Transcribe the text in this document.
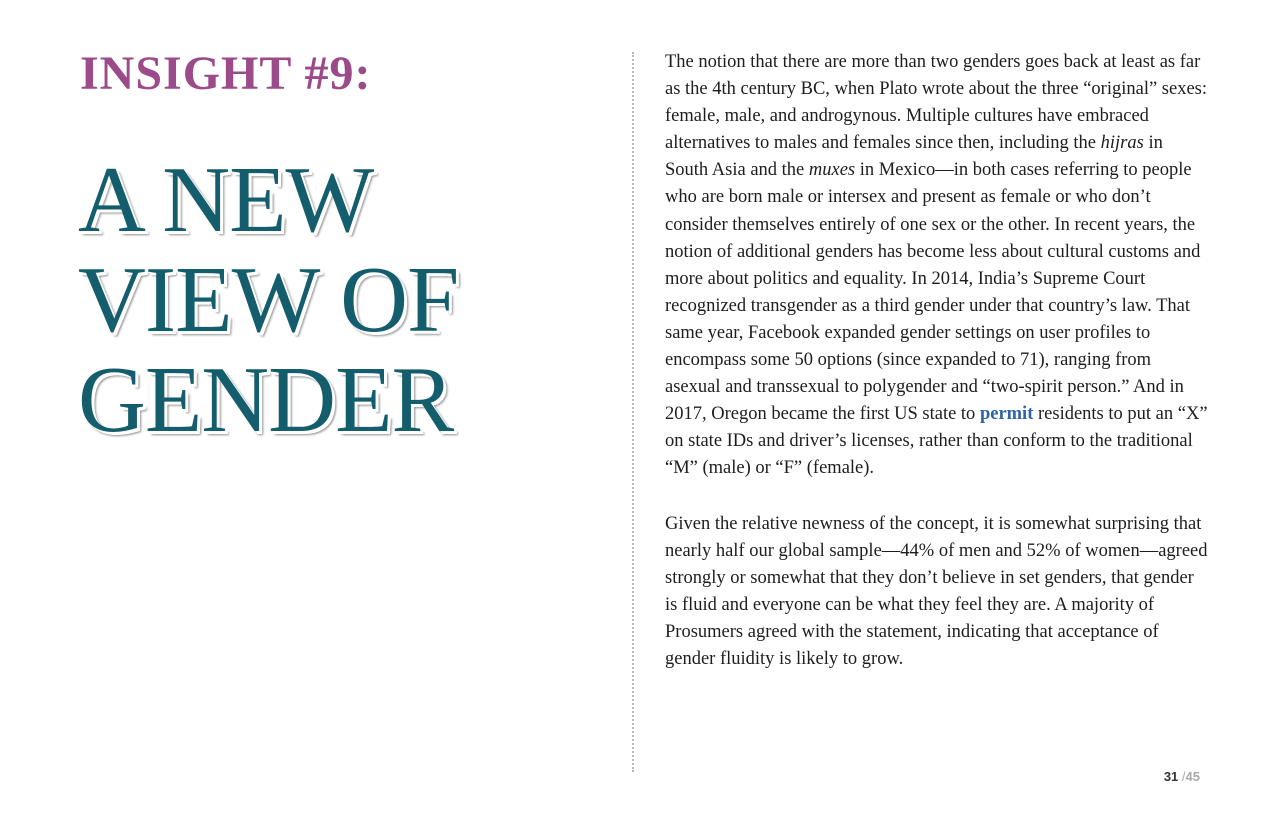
INSIGHT #9:
A NEW
VIEW OF
GENDER

The notion that there are more than two genders goes back at least as far as the 4th century BC, when Plato wrote about the three “original” sexes: female, male, and androgynous. Multiple cultures have embraced alternatives to males and females since then, including the hijras in South Asia and the muxes in Mexico—in both cases referring to people who are born male or intersex and present as female or who don’t consider themselves entirely of one sex or the other. In recent years, the notion of additional genders has become less about cultural customs and more about politics and equality. In 2014, India’s Supreme Court recognized transgender as a third gender under that country’s law. That same year, Facebook expanded gender settings on user profiles to encompass some 50 options (since expanded to 71), ranging from asexual and transsexual to polygender and “two-spirit person.” And in 2017, Oregon became the first US state to permit residents to put an “X” on state IDs and driver’s licenses, rather than conform to the traditional “M” (male) or “F” (female).

Given the relative newness of the concept, it is somewhat surprising that nearly half our global sample—44% of men and 52% of women—agreed strongly or somewhat that they don’t believe in set genders, that gender is fluid and everyone can be what they feel they are. A majority of Prosumers agreed with the statement, indicating that acceptance of gender fluidity is likely to grow.

31 /45
